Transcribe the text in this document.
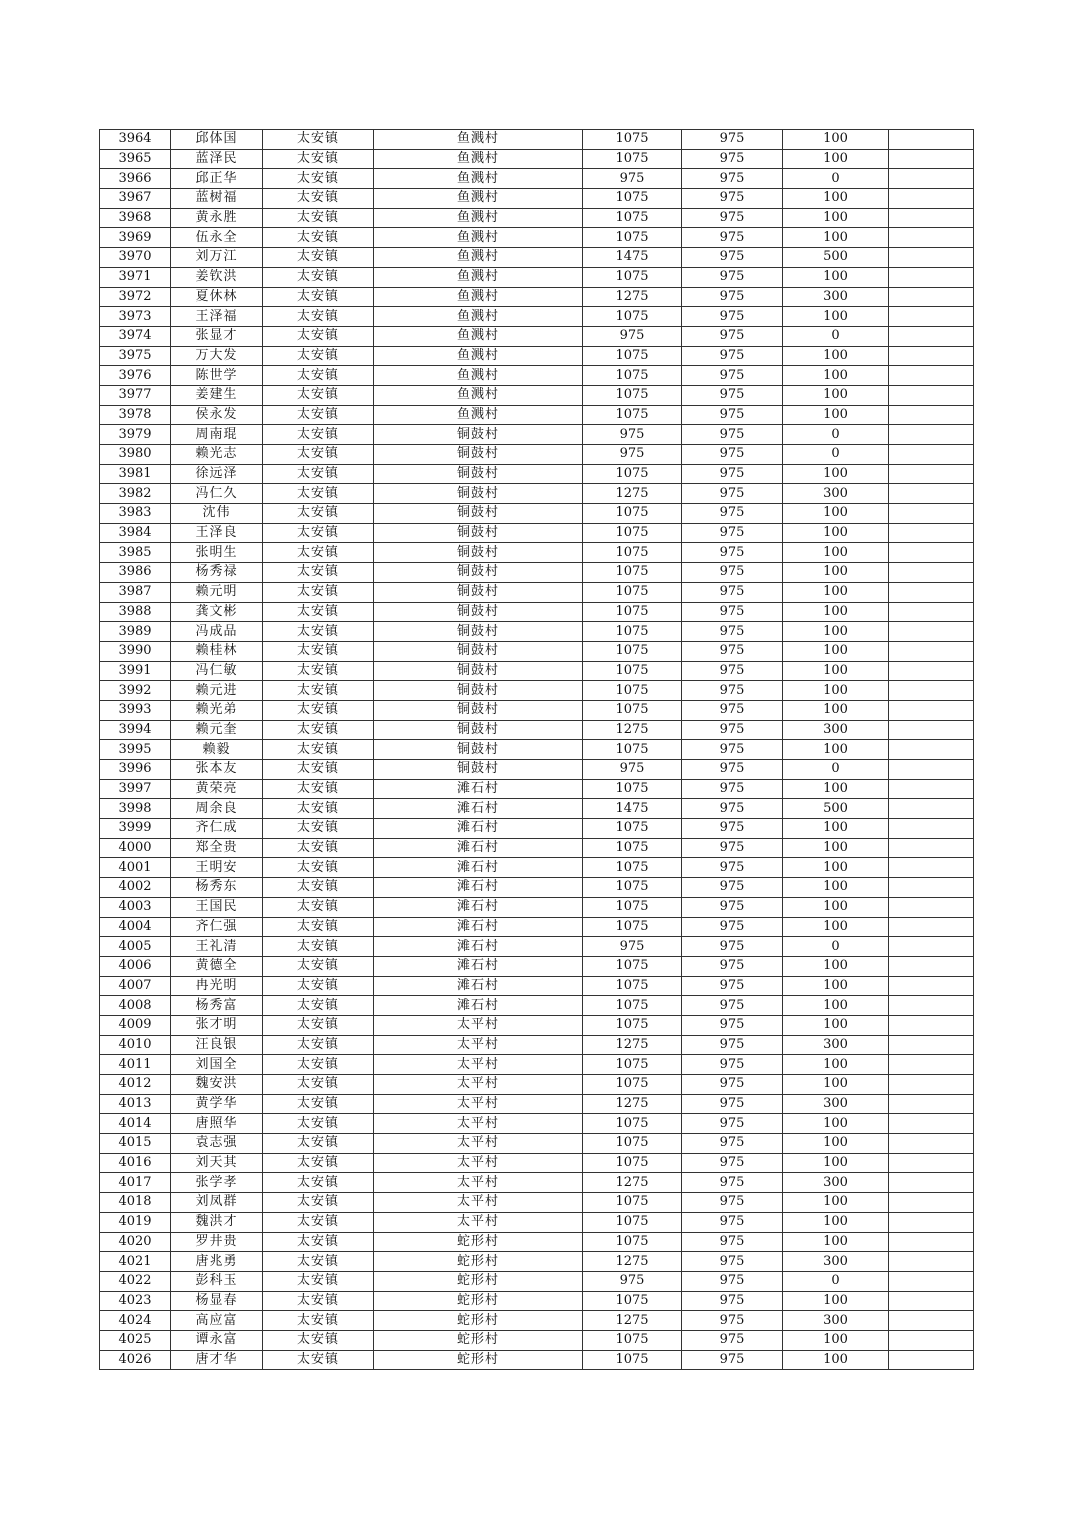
3964	邱体国	太安镇	鱼溅村	1075	975	100	
3965	蓝泽民	太安镇	鱼溅村	1075	975	100	
3966	邱正华	太安镇	鱼溅村	975	975	0	
3967	蓝树福	太安镇	鱼溅村	1075	975	100	
3968	黄永胜	太安镇	鱼溅村	1075	975	100	
3969	伍永全	太安镇	鱼溅村	1075	975	100	
3970	刘万江	太安镇	鱼溅村	1475	975	500	
3971	姜钦洪	太安镇	鱼溅村	1075	975	100	
3972	夏休林	太安镇	鱼溅村	1275	975	300	
3973	王泽福	太安镇	鱼溅村	1075	975	100	
3974	张显才	太安镇	鱼溅村	975	975	0	
3975	万大发	太安镇	鱼溅村	1075	975	100	
3976	陈世学	太安镇	鱼溅村	1075	975	100	
3977	姜建生	太安镇	鱼溅村	1075	975	100	
3978	侯永发	太安镇	鱼溅村	1075	975	100	
3979	周南琨	太安镇	铜鼓村	975	975	0	
3980	赖光志	太安镇	铜鼓村	975	975	0	
3981	徐远泽	太安镇	铜鼓村	1075	975	100	
3982	冯仁久	太安镇	铜鼓村	1275	975	300	
3983	沈伟	太安镇	铜鼓村	1075	975	100	
3984	王泽良	太安镇	铜鼓村	1075	975	100	
3985	张明生	太安镇	铜鼓村	1075	975	100	
3986	杨秀禄	太安镇	铜鼓村	1075	975	100	
3987	赖元明	太安镇	铜鼓村	1075	975	100	
3988	龚文彬	太安镇	铜鼓村	1075	975	100	
3989	冯成品	太安镇	铜鼓村	1075	975	100	
3990	赖桂林	太安镇	铜鼓村	1075	975	100	
3991	冯仁敏	太安镇	铜鼓村	1075	975	100	
3992	赖元进	太安镇	铜鼓村	1075	975	100	
3993	赖光弟	太安镇	铜鼓村	1075	975	100	
3994	赖元奎	太安镇	铜鼓村	1275	975	300	
3995	赖毅	太安镇	铜鼓村	1075	975	100	
3996	张本友	太安镇	铜鼓村	975	975	0	
3997	黄荣亮	太安镇	滩石村	1075	975	100	
3998	周余良	太安镇	滩石村	1475	975	500	
3999	齐仁成	太安镇	滩石村	1075	975	100	
4000	郑全贵	太安镇	滩石村	1075	975	100	
4001	王明安	太安镇	滩石村	1075	975	100	
4002	杨秀东	太安镇	滩石村	1075	975	100	
4003	王国民	太安镇	滩石村	1075	975	100	
4004	齐仁强	太安镇	滩石村	1075	975	100	
4005	王礼清	太安镇	滩石村	975	975	0	
4006	黄德全	太安镇	滩石村	1075	975	100	
4007	冉光明	太安镇	滩石村	1075	975	100	
4008	杨秀富	太安镇	滩石村	1075	975	100	
4009	张才明	太安镇	太平村	1075	975	100	
4010	汪良银	太安镇	太平村	1275	975	300	
4011	刘国全	太安镇	太平村	1075	975	100	
4012	魏安洪	太安镇	太平村	1075	975	100	
4013	黄学华	太安镇	太平村	1275	975	300	
4014	唐照华	太安镇	太平村	1075	975	100	
4015	袁志强	太安镇	太平村	1075	975	100	
4016	刘天其	太安镇	太平村	1075	975	100	
4017	张学孝	太安镇	太平村	1275	975	300	
4018	刘凤群	太安镇	太平村	1075	975	100	
4019	魏洪才	太安镇	太平村	1075	975	100	
4020	罗井贵	太安镇	蛇形村	1075	975	100	
4021	唐兆勇	太安镇	蛇形村	1275	975	300	
4022	彭科玉	太安镇	蛇形村	975	975	0	
4023	杨显春	太安镇	蛇形村	1075	975	100	
4024	高应富	太安镇	蛇形村	1275	975	300	
4025	谭永富	太安镇	蛇形村	1075	975	100	
4026	唐才华	太安镇	蛇形村	1075	975	100	
